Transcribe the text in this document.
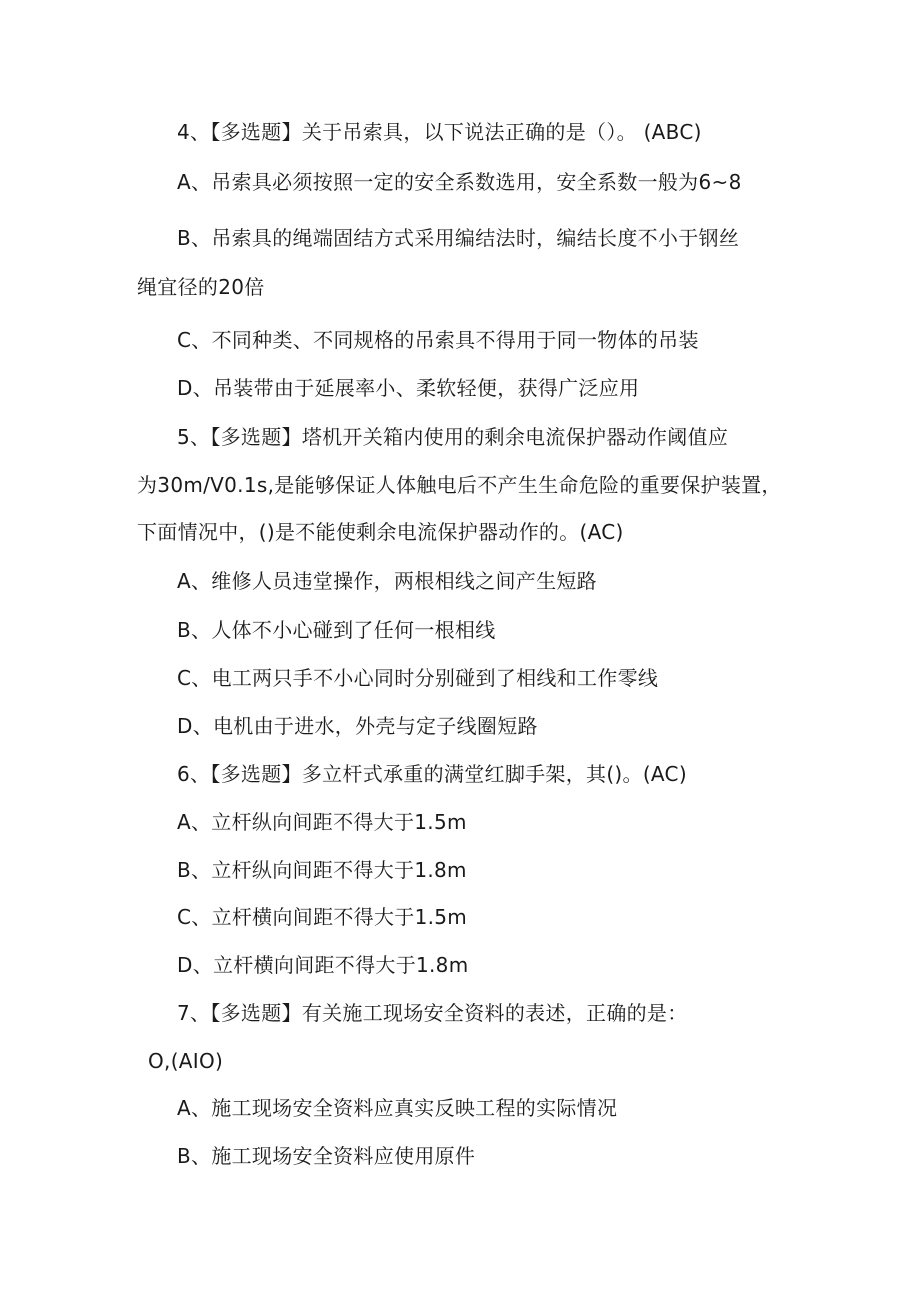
4、【多选题】关于吊索具，以下说法正确的是（）。 (ABC)
A、吊索具必须按照一定的安全系数选用，安全系数一般为6~8
B、吊索具的绳端固结方式采用编结法时，编结长度不小于钢丝
绳宜径的20倍
C、不同种类、不同规格的吊索具不得用于同一物体的吊装
D、吊装带由于延展率小、柔软轻便，获得广泛应用
5、【多选题】塔机开关箱内使用的剩余电流保护器动作阈值应
为30m/V0.1s,是能够保证人体触电后不产生生命危险的重要保护装置，
下面情况中，()是不能使剩余电流保护器动作的。(AC)
A、维修人员违堂操作，两根相线之间产生短路
B、人体不小心碰到了任何一根相线
C、电工两只手不小心同时分别碰到了相线和工作零线
D、电机由于进水，外壳与定子线圈短路
6、【多选题】多立杆式承重的满堂红脚手架，其()。(AC)
A、立杆纵向间距不得大于1.5m
B、立杆纵向间距不得大于1.8m
C、立杆横向间距不得大于1.5m
D、立杆横向间距不得大于1.8m
7、【多选题】有关施工现场安全资料的表述，正确的是：
O,(AIO)
A、施工现场安全资料应真实反映工程的实际情况
B、施工现场安全资料应使用原件
